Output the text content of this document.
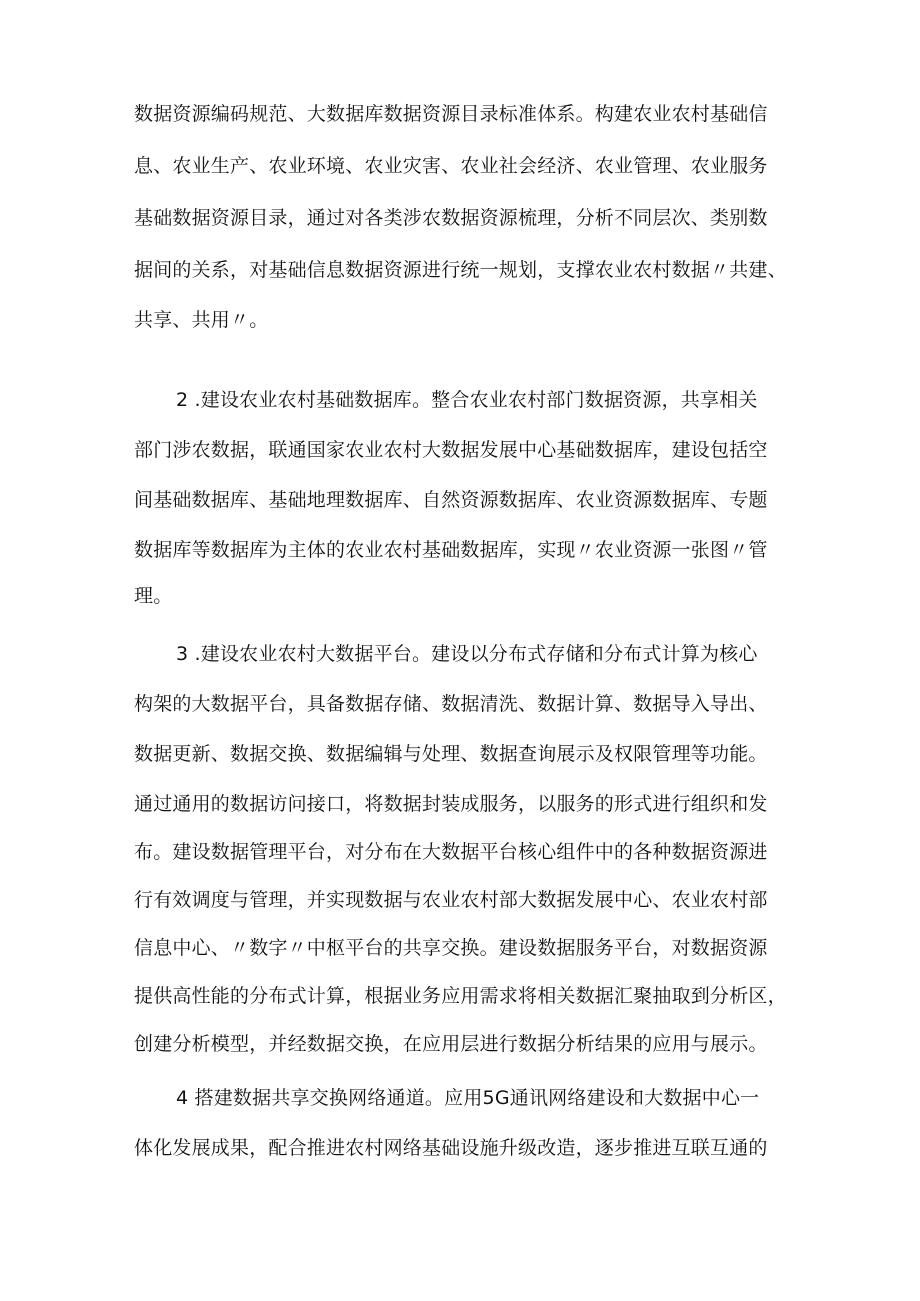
数据资源编码规范、大数据库数据资源目录标准体系。构建农业农村基础信
息、农业生产、农业环境、农业灾害、农业社会经济、农业管理、农业服务
基础数据资源目录，通过对各类涉农数据资源梳理，分析不同层次、类别数
据间的关系，对基础信息数据资源进行统一规划，支撑农业农村数据〃共建、
共享、共用〃。
2 .建设农业农村基础数据库。整合农业农村部门数据资源，共享相关
部门涉农数据，联通国家农业农村大数据发展中心基础数据库，建设包括空
间基础数据库、基础地理数据库、自然资源数据库、农业资源数据库、专题
数据库等数据库为主体的农业农村基础数据库，实现〃农业资源一张图〃管
理。
3 .建设农业农村大数据平台。建设以分布式存储和分布式计算为核心
构架的大数据平台，具备数据存储、数据清洗、数据计算、数据导入导出、
数据更新、数据交换、数据编辑与处理、数据查询展示及权限管理等功能。
通过通用的数据访问接口，将数据封装成服务，以服务的形式进行组织和发
布。建设数据管理平台，对分布在大数据平台核心组件中的各种数据资源进
行有效调度与管理，并实现数据与农业农村部大数据发展中心、农业农村部
信息中心、〃数字〃中枢平台的共享交换。建设数据服务平台，对数据资源
提供高性能的分布式计算，根据业务应用需求将相关数据汇聚抽取到分析区，
创建分析模型，并经数据交换，在应用层进行数据分析结果的应用与展示。
4 搭建数据共享交换网络通道。应用5G通讯网络建设和大数据中心一
体化发展成果，配合推进农村网络基础设施升级改造，逐步推进互联互通的
